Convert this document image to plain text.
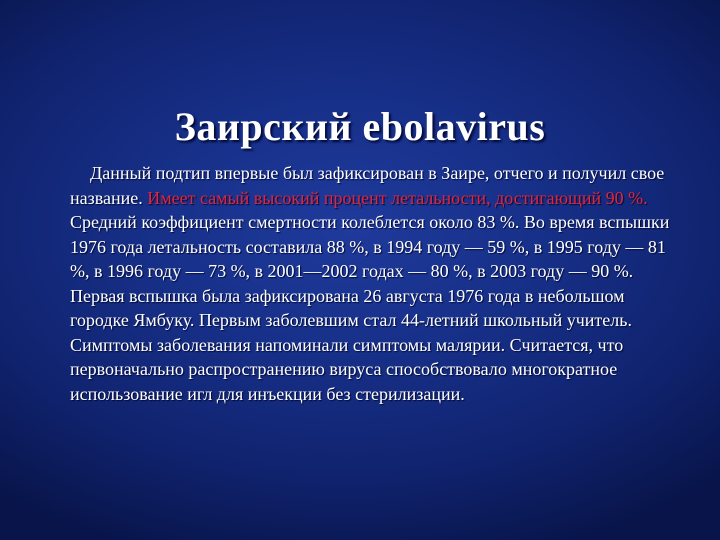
Заирский ebolavirus

Данный подтип впервые был зафиксирован в Заире, отчего и получил свое название. Имеет самый высокий процент летальности, достигающий 90 %. Средний коэффициент смертности колеблется около 83 %. Во время вспышки 1976 года летальность составила 88 %, в 1994 году — 59 %, в 1995 году — 81 %, в 1996 году — 73 %, в 2001—2002 годах — 80 %, в 2003 году — 90 %. Первая вспышка была зафиксирована 26 августа 1976 года в небольшом городке Ямбуку. Первым заболевшим стал 44-летний школьный учитель. Симптомы заболевания напоминали симптомы малярии. Считается, что первоначально распространению вируса способствовало многократное использование игл для инъекции без стерилизации.
